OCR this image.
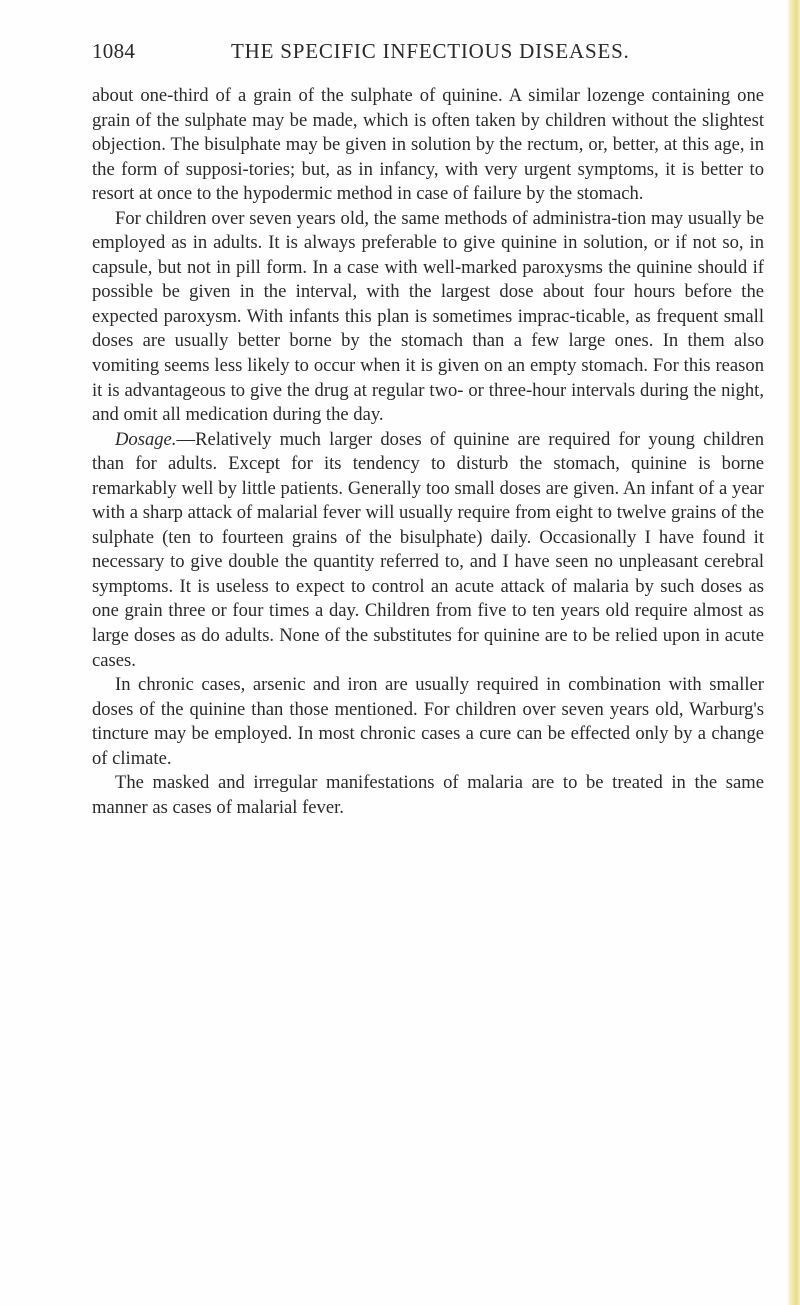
1084	THE SPECIFIC INFECTIOUS DISEASES.

about one-third of a grain of the sulphate of quinine. A similar lozenge containing one grain of the sulphate may be made, which is often taken by children without the slightest objection. The bisulphate may be given in solution by the rectum, or, better, at this age, in the form of supposi-tories; but, as in infancy, with very urgent symptoms, it is better to resort at once to the hypodermic method in case of failure by the stomach.

For children over seven years old, the same methods of administra-tion may usually be employed as in adults. It is always preferable to give quinine in solution, or if not so, in capsule, but not in pill form. In a case with well-marked paroxysms the quinine should if possible be given in the interval, with the largest dose about four hours before the expected paroxysm. With infants this plan is sometimes imprac-ticable, as frequent small doses are usually better borne by the stomach than a few large ones. In them also vomiting seems less likely to occur when it is given on an empty stomach. For this reason it is advantageous to give the drug at regular two- or three-hour intervals during the night, and omit all medication during the day.

Dosage.—Relatively much larger doses of quinine are required for young children than for adults. Except for its tendency to disturb the stomach, quinine is borne remarkably well by little patients. Generally too small doses are given. An infant of a year with a sharp attack of malarial fever will usually require from eight to twelve grains of the sulphate (ten to fourteen grains of the bisulphate) daily. Occasionally I have found it necessary to give double the quantity referred to, and I have seen no unpleasant cerebral symptoms. It is useless to expect to control an acute attack of malaria by such doses as one grain three or four times a day. Children from five to ten years old require almost as large doses as do adults. None of the substitutes for quinine are to be relied upon in acute cases.

In chronic cases, arsenic and iron are usually required in combination with smaller doses of the quinine than those mentioned. For children over seven years old, Warburg's tincture may be employed. In most chronic cases a cure can be effected only by a change of climate.

The masked and irregular manifestations of malaria are to be treated in the same manner as cases of malarial fever.
